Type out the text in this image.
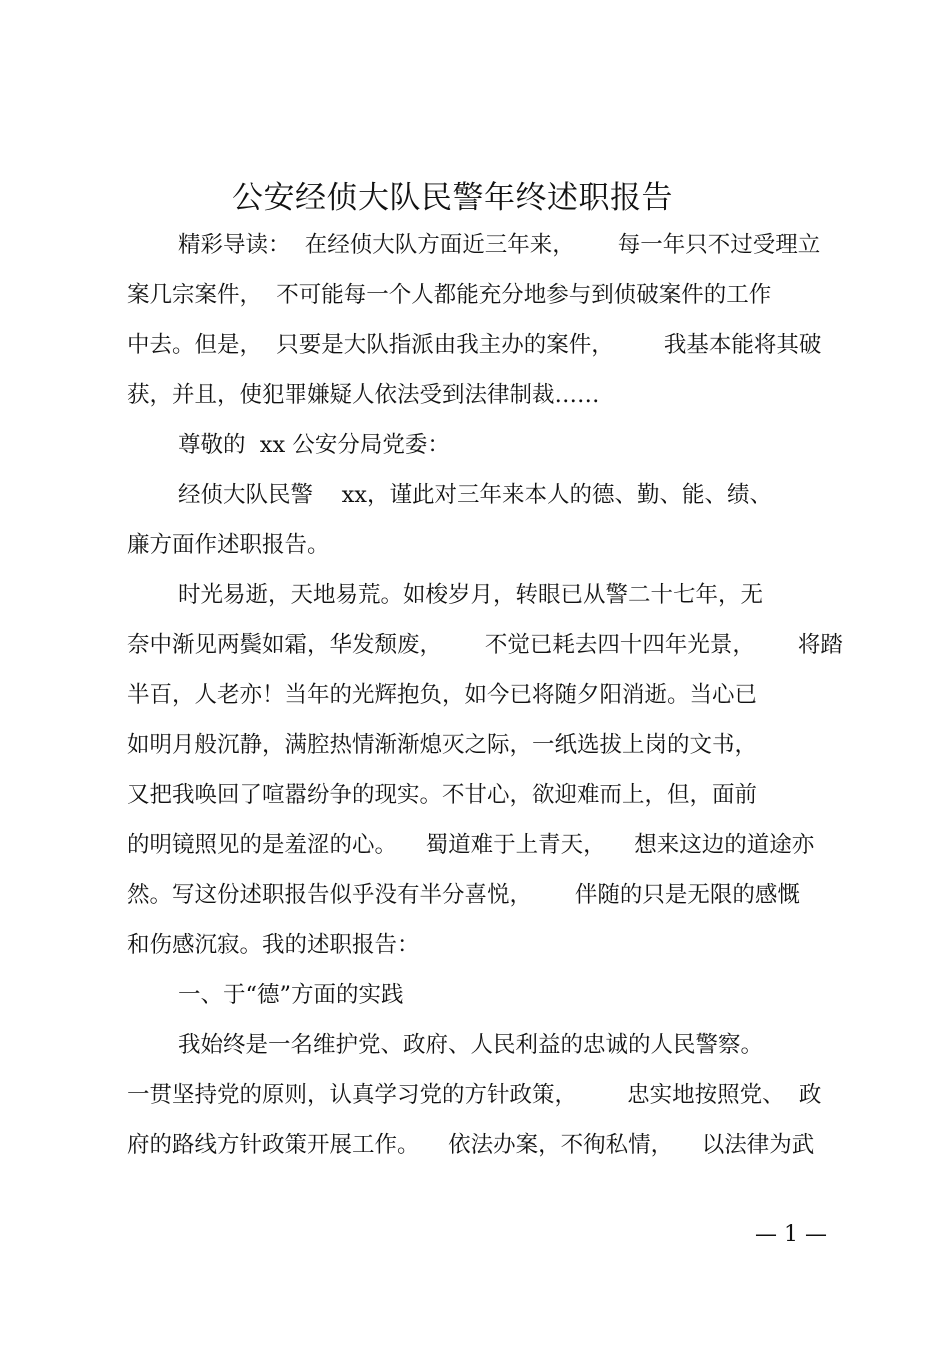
公安经侦大队民警年终述职报告
精彩导读：  在经侦大队方面近三年来，      每一年只不过受理立
案几宗案件，  不可能每一个人都能充分地参与到侦破案件的工作
中去。但是，  只要是大队指派由我主办的案件，       我基本能将其破
获，并且，使犯罪嫌疑人依法受到法律制裁……
尊敬的  xx 公安分局党委：
经侦大队民警    xx，谨此对三年来本人的德、勤、能、绩、
廉方面作述职报告。
时光易逝，天地易荒。如梭岁月，转眼已从警二十七年，无
奈中渐见两鬓如霜，华发颓废，      不觉已耗去四十四年光景，      将踏
半百，人老亦！当年的光辉抱负，如今已将随夕阳消逝。当心已
如明月般沉静，满腔热情渐渐熄灭之际，一纸选拔上岗的文书，
又把我唤回了喧嚣纷争的现实。不甘心，欲迎难而上，但，面前
的明镜照见的是羞涩的心。    蜀道难于上青天，    想来这边的道途亦
然。写这份述职报告似乎没有半分喜悦，      伴随的只是无限的感慨
和伤感沉寂。我的述职报告：
一、于“德”方面的实践
我始终是一名维护党、政府、人民利益的忠诚的人民警察。
一贯坚持党的原则，认真学习党的方针政策，       忠实地按照党、  政
府的路线方针政策开展工作。    依法办案，不徇私情，    以法律为武
— 1 —
